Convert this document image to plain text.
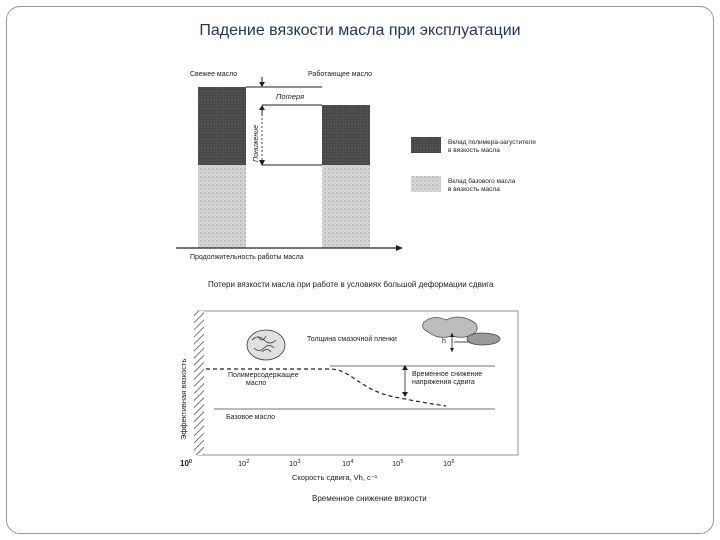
Падение вязкости масла при эксплуатации
Свежее масло	Работающее масло
Потеря
Понижение
Продолжительность работы масла
Вклад полимера-загустителя в вязкость масла
Вклад базового масла в вязкость масла
Потери вязкости масла при работе в условиях большой деформации сдвига
Эффективная вязкость
h
Толщина смазочной пленки
Полимерсодержащее масло
Временное снижение напряжения сдвига
Базовое масло
$10^0$	$10^2$	$10^3$	$10^4$	$10^5$	$10^6$
Скорость сдвига, Vh, с⁻¹
Временное снижение вязкости
